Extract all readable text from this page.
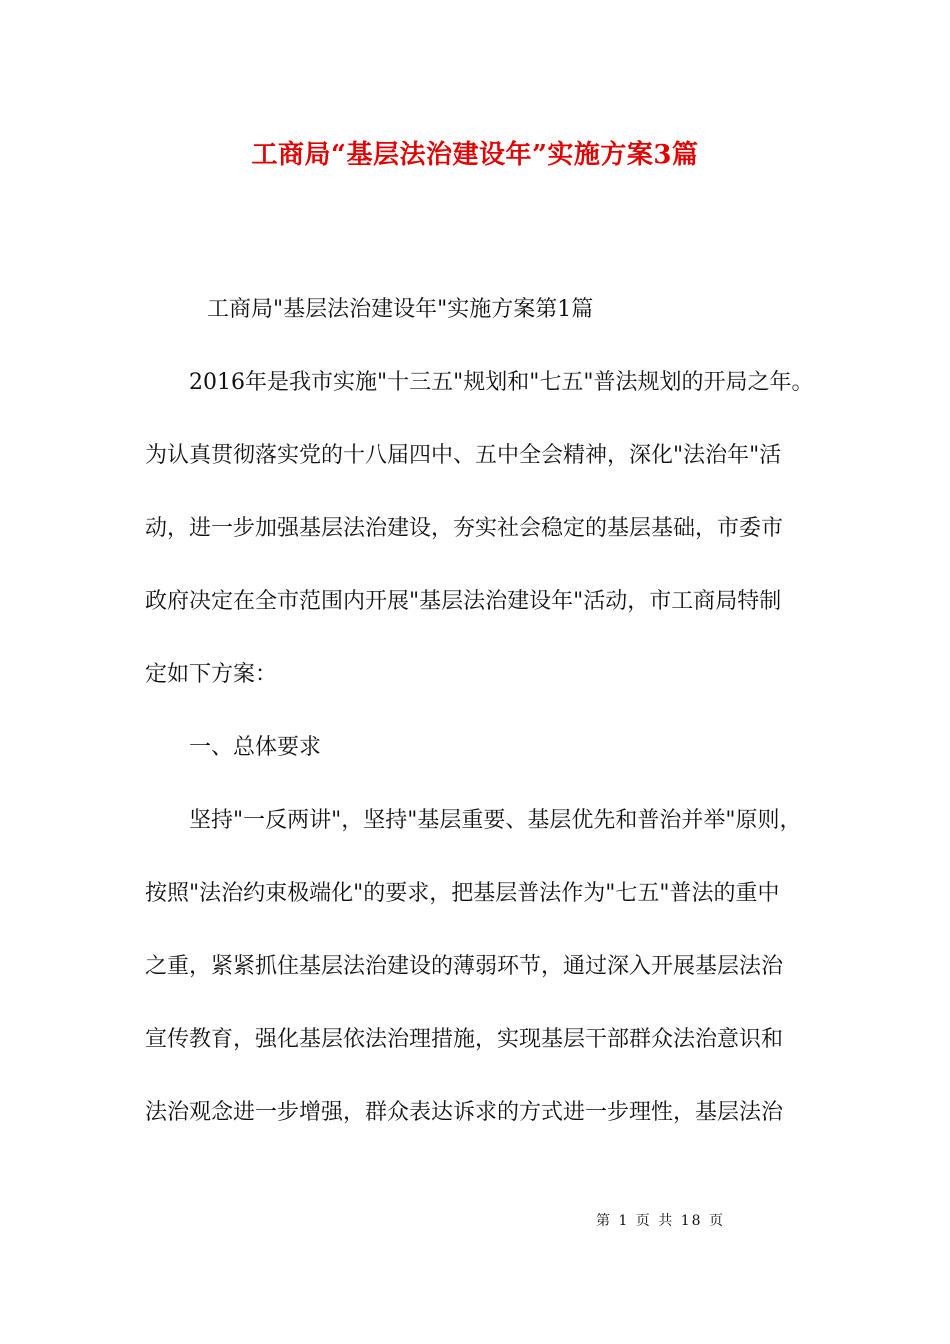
工商局“基层法治建设年”实施方案3篇
工商局"基层法治建设年"实施方案第1篇
2016年是我市实施"十三五"规划和"七五"普法规划的开局之年。
为认真贯彻落实党的十八届四中、五中全会精神，深化"法治年"活
动，进一步加强基层法治建设，夯实社会稳定的基层基础，市委市
政府决定在全市范围内开展"基层法治建设年"活动，市工商局特制
定如下方案：
一、总体要求
坚持"一反两讲"，坚持"基层重要、基层优先和普治并举"原则，
按照"法治约束极端化"的要求，把基层普法作为"七五"普法的重中
之重，紧紧抓住基层法治建设的薄弱环节，通过深入开展基层法治
宣传教育，强化基层依法治理措施，实现基层干部群众法治意识和
法治观念进一步增强，群众表达诉求的方式进一步理性，基层法治
第 1 页 共 18 页
